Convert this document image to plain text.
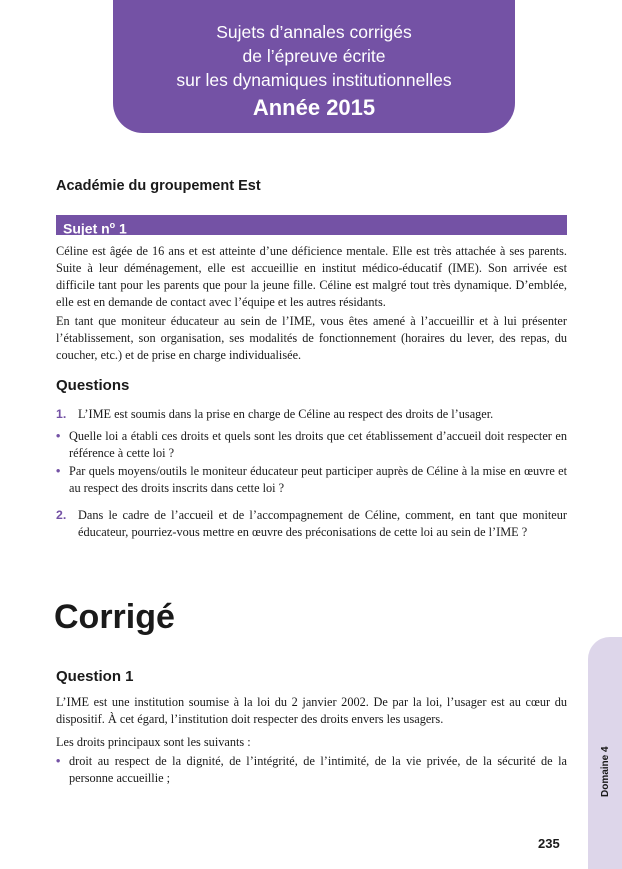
Sujets d’annales corrigés
de l’épreuve écrite
sur les dynamiques institutionnelles
Année 2015
Académie du groupement Est
Sujet $n^o$ 1

Céline est âgée de 16 ans et est atteinte d’une déficience mentale. Elle est très attachée à ses parents. Suite à leur déménagement, elle est accueillie en institut médico-éducatif (IME). Son arrivée est difficile tant pour les parents que pour la jeune fille. Céline est malgré tout très dynamique. D’emblée, elle est en demande de contact avec l’équipe et les autres résidants.

En tant que moniteur éducateur au sein de l’IME, vous êtes amené à l’accueillir et à lui présenter l’établissement, son organisation, ses modalités de fonctionnement (horaires du lever, des repas, du coucher, etc.) et de prise en charge individualisée.

Questions
1. L’IME est soumis dans la prise en charge de Céline au respect des droits de l’usager.
• Quelle loi a établi ces droits et quels sont les droits que cet établissement d’accueil doit respecter en référence à cette loi ?
• Par quels moyens/outils le moniteur éducateur peut participer auprès de Céline à la mise en œuvre et au respect des droits inscrits dans cette loi ?
2. Dans le cadre de l’accueil et de l’accompagnement de Céline, comment, en tant que moniteur éducateur, pourriez-vous mettre en œuvre des préconisations de cette loi au sein de l’IME ?
Corrigé
Question 1

L’IME est une institution soumise à la loi du 2 janvier 2002. De par la loi, l’usager est au cœur du dispositif. À cet égard, l’institution doit respecter des droits envers les usagers.

Les droits principaux sont les suivants :

• droit au respect de la dignité, de l’intégrité, de l’intimité, de la vie privée, de la sécurité de la personne accueillie ;	Domaine 4
235
